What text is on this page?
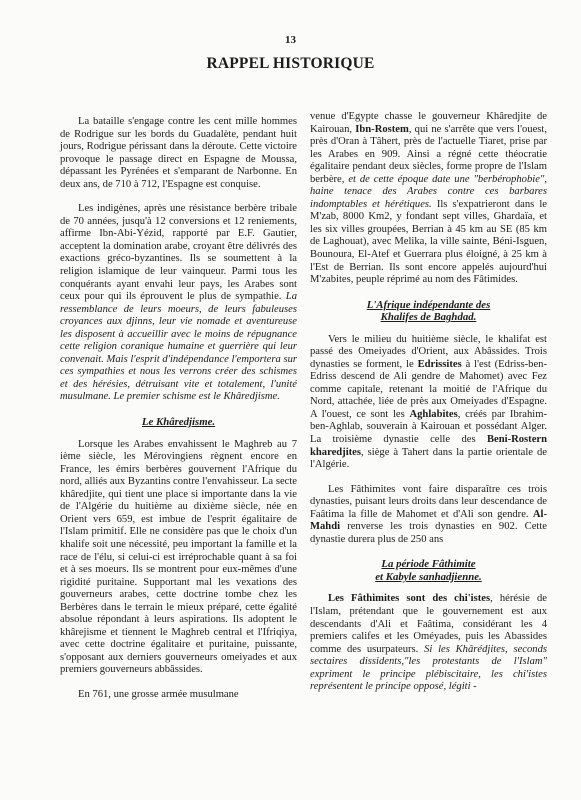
13
RAPPEL HISTORIQUE

La bataille s'engage contre les cent mille hommes de Rodrigue sur les bords du Guadalète, pendant huit jours, Rodrigue périssant dans la déroute. Cette victoire provoque le passage direct en Espagne de Moussa, dépassant les Pyrénées et s'emparant de Narbonne. En deux ans, de 710 à 712, l'Espagne est conquise.

Les indigènes, après une résistance berbère tribale de 70 années, jusqu'à 12 conversions et 12 reniements, affirme Ibn-Abi-Yézid, rapporté par E.F. Gautier, acceptent la domination arabe, croyant être délivrés des exactions gréco-byzantines. Ils se soumettent à la religion islamique de leur vainqueur. Parmi tous les conquérants ayant envahi leur pays, les Arabes sont ceux pour qui ils éprouvent le plus de sympathie. La ressemblance de leurs moeurs, de leurs fabuleuses croyances aux djinns, leur vie nomade et aventureuse les disposent à accueillir avec le moins de répugnance cette religion coranique humaine et guerrière qui leur convenait. Mais l'esprit d'indépendance l'emportera sur ces sympathies et nous les verrons créer des schismes et des hérésies, détruisant vite et totalement, l'unité musulmane. Le premier schisme est le Khâredjisme.

Le Khâredjisme.

Lorsque les Arabes envahissent le Maghreb au 7 ième siècle, les Mérovingiens règnent encore en France, les émirs berbères gouvernent l'Afrique du nord, alliés aux Byzantins contre l'envahisseur. La secte khâredjite, qui tient une place si importante dans la vie de l'Algérie du huitième au dixième siècle, née en Orient vers 659, est imbue de l'esprit égalitaire de l'Islam primitif. Elle ne considère pas que le choix d'un khalife soit une nécessité, peu important la famille et la race de l'élu, si celui-ci est irréprochable quant à sa foi et à ses moeurs. Ils se montrent pour eux-mêmes d'une rigidité puritaine. Supportant mal les vexations des gouverneurs arabes, cette doctrine tombe chez les Berbères dans le terrain le mieux préparé, cette égalité absolue répondant à leurs aspirations. Ils adoptent le khârejisme et tiennent le Maghreb central et l'Ifriqiya, avec cette doctrine égalitaire et puritaine, puissante, s'opposant aux derniers gouverneurs omeiyades et aux premiers gouverneurs abbâssides.

En 761, une grosse armée musulmane

venue d'Egypte chasse le gouverneur Khâredjite de Kairouan, Ibn-Rostem, qui ne s'arrête que vers l'ouest, près d'Oran à Tâhert, près de l'actuelle Tiaret, prise par les Arabes en 909. Ainsi a régné cette théocratie égalitaire pendant deux siècles, forme propre de l'Islam berbère, et de cette époque date une "berbérophobie", haine tenace des Arabes contre ces barbares indomptables et hérétiques. Ils s'expatrieront dans le M'zab, 8000 Km2, y fondant sept villes, Ghardaïa, et les six villes groupées, Berrian à 45 km au SE (85 km de Laghouat), avec Melika, la ville sainte, Béni-Isguen, Bounoura, El-Atef et Guerrara plus éloigné, à 25 km à l'Est de Berrian. Ils sont encore appelés aujourd'hui M'zabites, peuple réprimé au nom des Fâtimides.

L'Afrique indépendante des
Khalifes de Baghdad.

Vers le milieu du huitième siècle, le khalifat est passé des Omeiyades d'Orient, aux Abâssides. Trois dynasties se forment, le Edrissites à l'est (Edriss-ben-Edriss descend de Ali gendre de Mahomet) avec Fez comme capitale, retenant la moitié de l'Afrique du Nord, attachée, liée de près aux Omeiyades d'Espagne. A l'ouest, ce sont les Aghlabites, créés par Ibrahim-ben-Aghlab, souverain à Kairouan et possédant Alger. La troisième dynastie celle des Beni-Rostern kharedjites, siège à Tahert dans la partie orientale de l'Algérie.

Les Fâthimites vont faire disparaître ces trois dynasties, puisant leurs droits dans leur descendance de Faâtima la fille de Mahomet et d'Ali son gendre. Al-Mahdi renverse les trois dynasties en 902. Cette dynastie durera plus de 250 ans

La période Fâthimite
et Kabyle sanhadjienne.

Les Fâthimites sont des chi'istes, hérésie de l'Islam, prétendant que le gouvernement est aux descendants d'Ali et Faâtima, considérant les 4 premiers califes et les Oméyades, puis les Abassides comme des usurpateurs. Si les Khârédjites, seconds sectaires dissidents,"les protestants de l'Islam" expriment le principe plébiscitaire, les chi'istes représentent le principe opposé, légiti -
